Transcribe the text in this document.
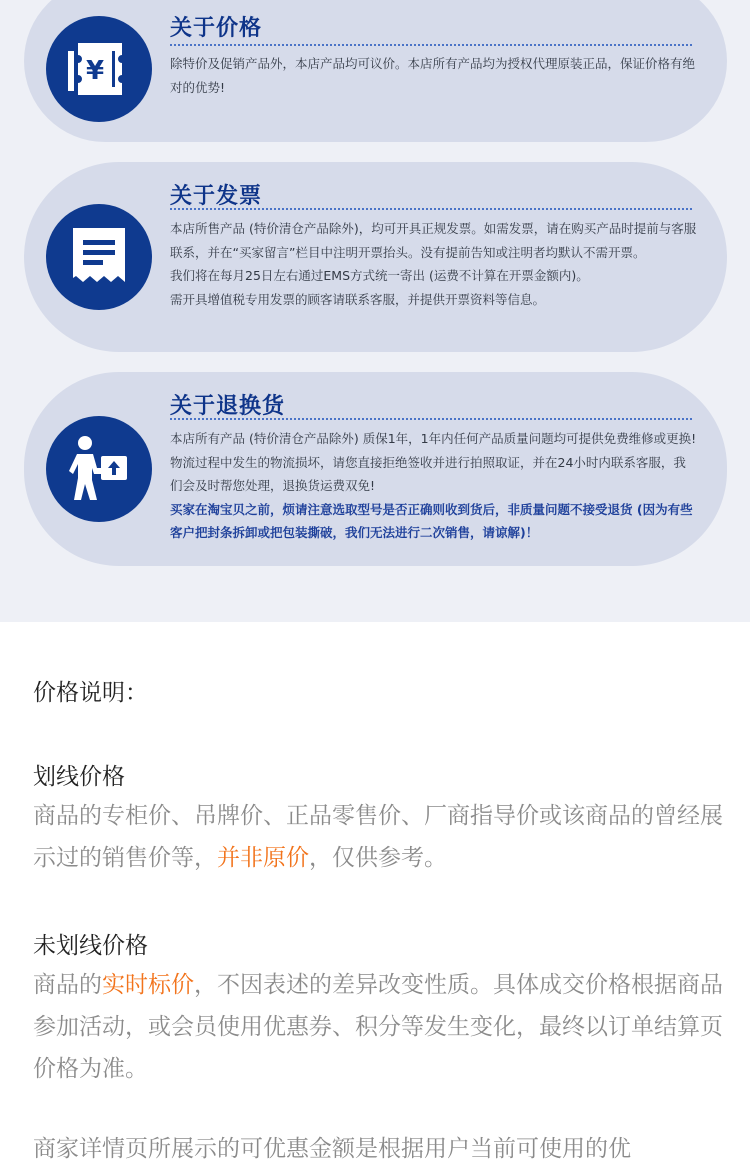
¥
关于价格

除特价及促销产品外，本店产品均可议价。本店所有产品均为授权代理原装正品，保证价格有绝对的优势!

关于发票

本店所售产品 (特价清仓产品除外)，均可开具正规发票。如需发票，请在购买产品时提前与客服联系，并在“买家留言”栏目中注明开票抬头。没有提前告知或注明者均默认不需开票。

我们将在每月25日左右通过EMS方式统一寄出 (运费不计算在开票金额内)。

需开具增值税专用发票的顾客请联系客服，并提供开票资料等信息。

关于退换货

本店所有产品 (特价清仓产品除外) 质保1年，1年内任何产品质量问题均可提供免费维修或更换!物流过程中发生的物流损坏，请您直接拒绝签收并进行拍照取证，并在24小时内联系客服，我们会及时帮您处理，退换货运费双免!

买家在淘宝贝之前，烦请注意选取型号是否正确则收到货后，非质量问题不接受退货 (因为有些客户把封条拆卸或把包装撕破，我们无法进行二次销售，请谅解)！

价格说明：

划线价格

商品的专柜价、吊牌价、正品零售价、厂商指导价或该商品的曾经展示过的销售价等，并非原价，仅供参考。

未划线价格

商品的实时标价，不因表述的差异改变性质。具体成交价格根据商品参加活动，或会员使用优惠券、积分等发生变化，最终以订单结算页价格为准。

商家详情页所展示的可优惠金额是根据用户当前可使用的优
